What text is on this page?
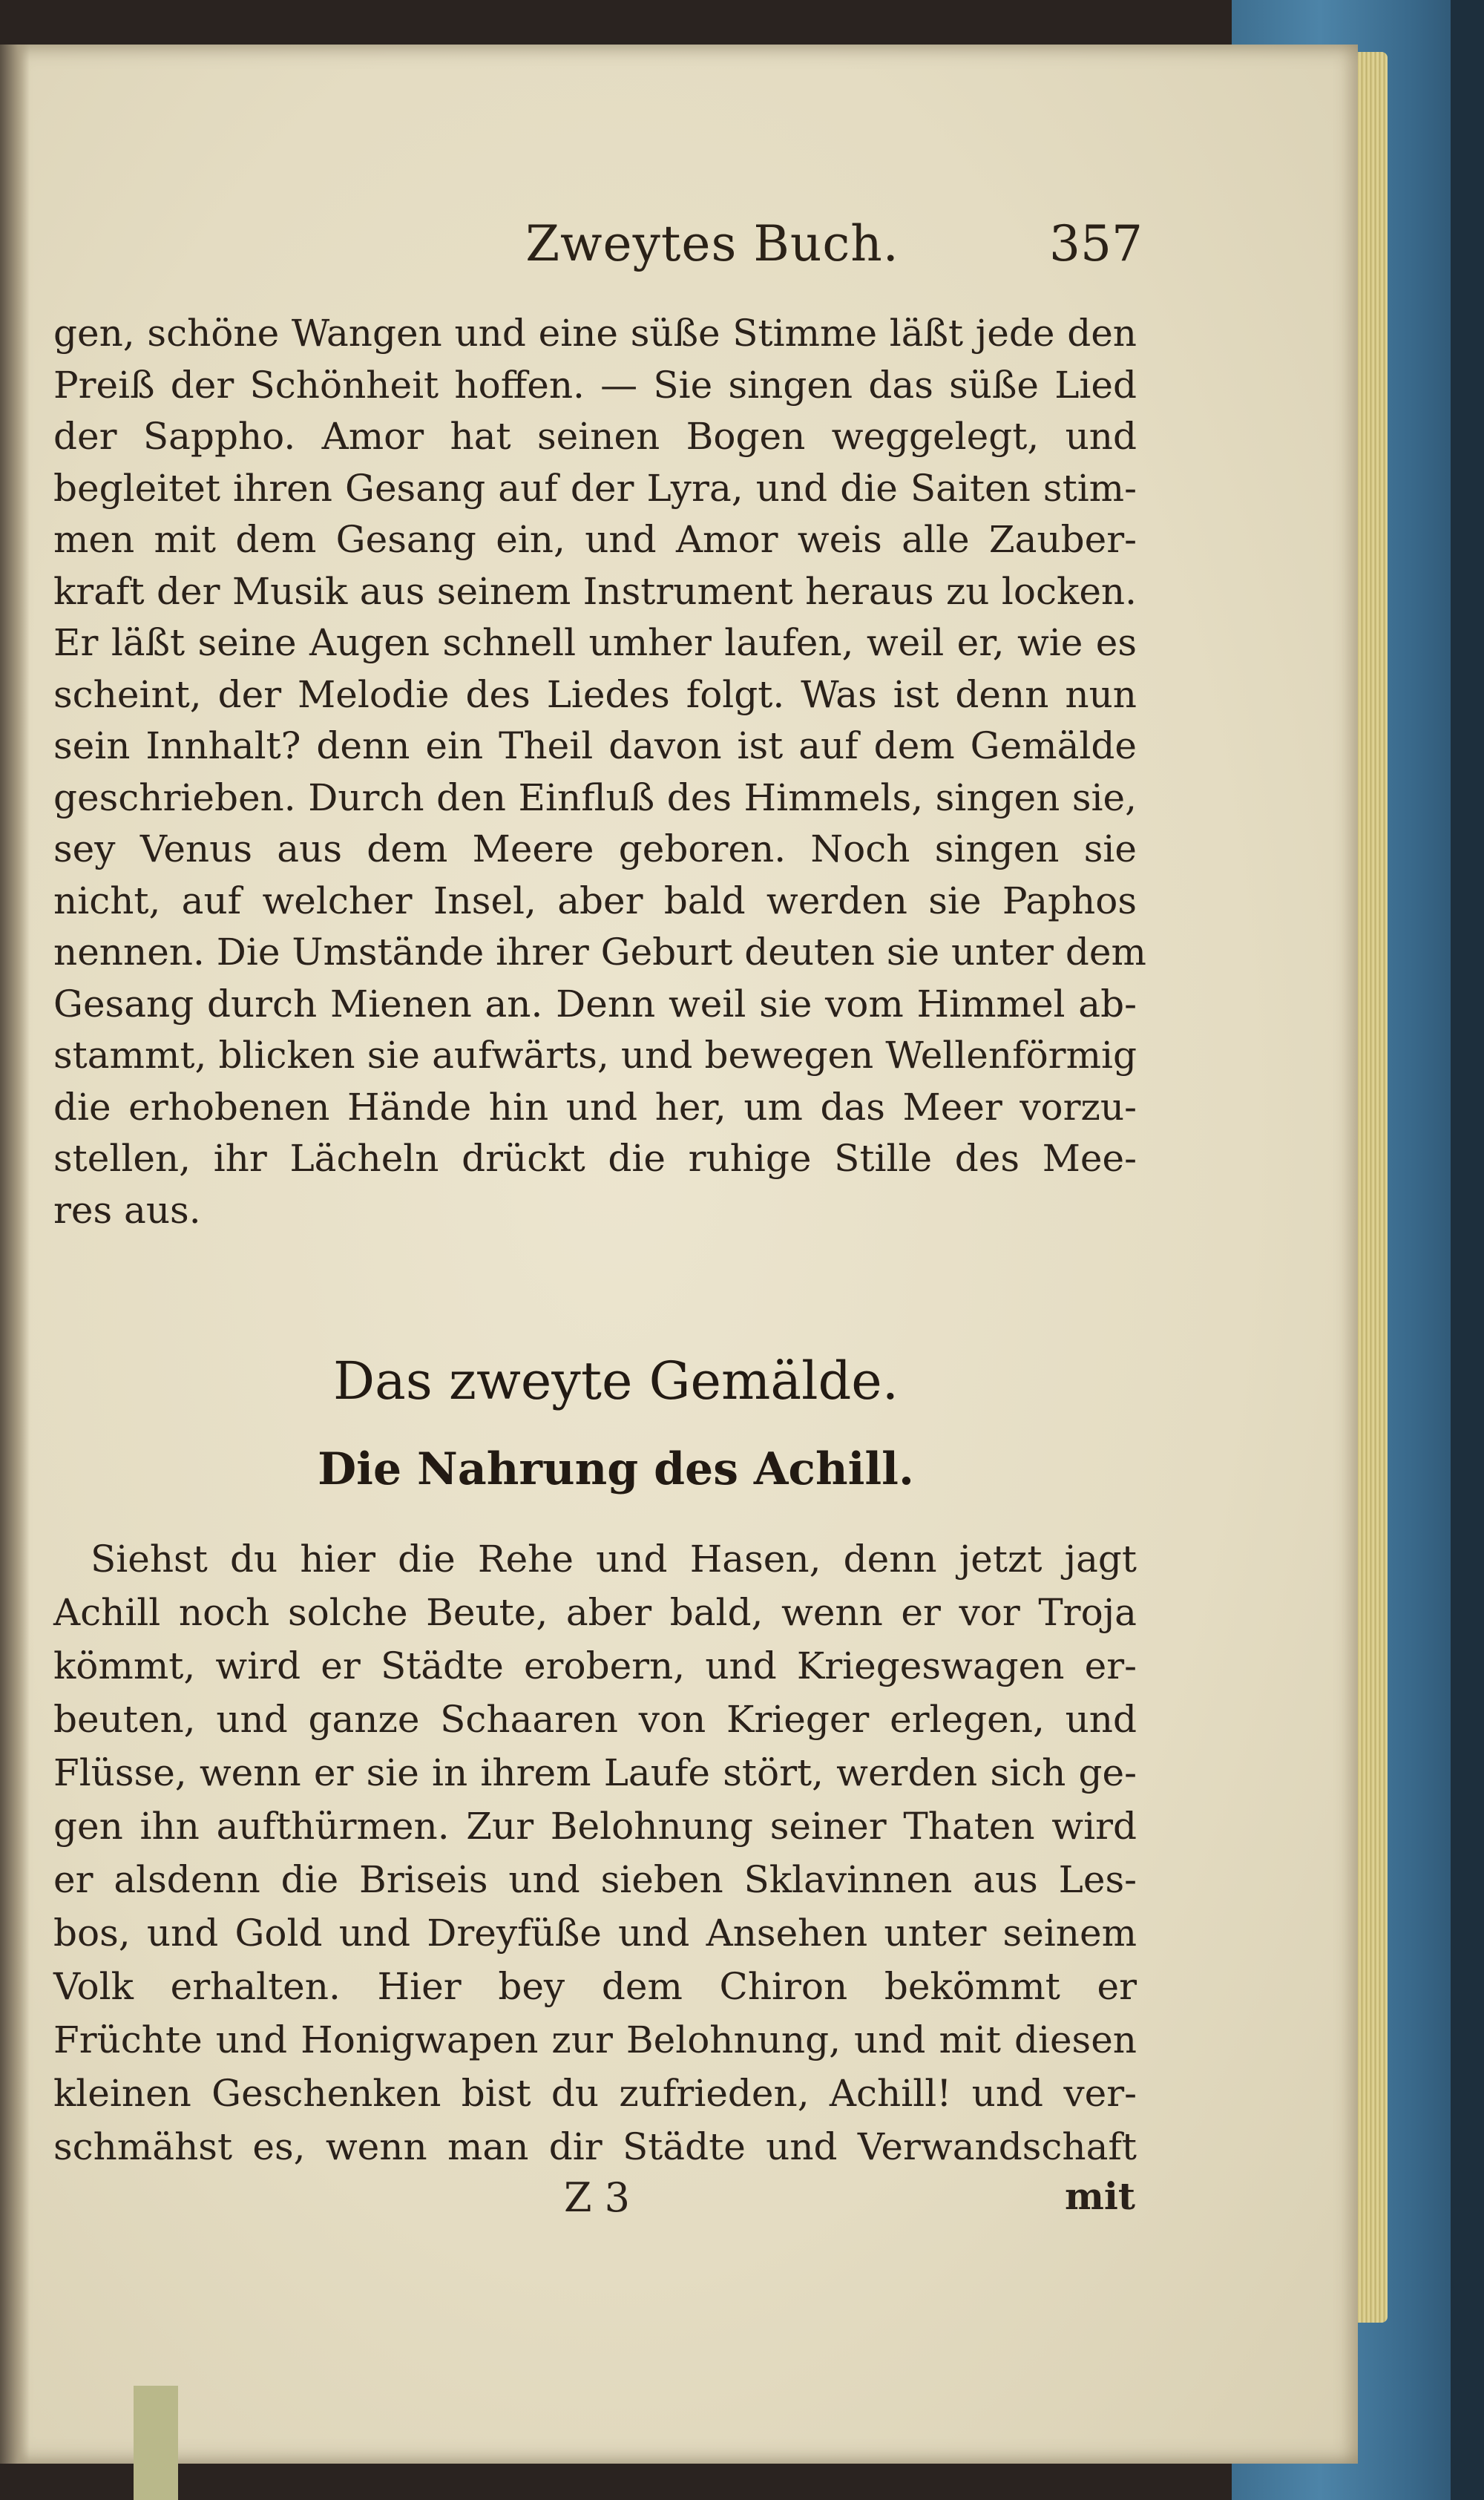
Zweytes Buch.	357
gen, schöne Wangen und eine süße Stimme läßt jede den
Preiß der Schönheit hoffen. — Sie singen das süße Lied
der Sappho. Amor hat seinen Bogen weggelegt, und
begleitet ihren Gesang auf der Lyra, und die Saiten stim-
men mit dem Gesang ein, und Amor weis alle Zauber-
kraft der Musik aus seinem Instrument heraus zu locken.
Er läßt seine Augen schnell umher laufen, weil er, wie es
scheint, der Melodie des Liedes folgt. Was ist denn nun
sein Innhalt? denn ein Theil davon ist auf dem Gemälde
geschrieben. Durch den Einfluß des Himmels, singen sie,
sey Venus aus dem Meere geboren. Noch singen sie
nicht, auf welcher Insel, aber bald werden sie Paphos
nennen. Die Umstände ihrer Geburt deuten sie unter dem
Gesang durch Mienen an. Denn weil sie vom Himmel ab-
stammt, blicken sie aufwärts, und bewegen Wellenförmig
die erhobenen Hände hin und her, um das Meer vorzu-
stellen, ihr Lächeln drückt die ruhige Stille des Mee-
res aus.
Das zweyte Gemälde.
Die Nahrung des Achill.
Siehst du hier die Rehe und Hasen, denn jetzt jagt
Achill noch solche Beute, aber bald, wenn er vor Troja
kömmt, wird er Städte erobern, und Kriegeswagen er-
beuten, und ganze Schaaren von Krieger erlegen, und
Flüsse, wenn er sie in ihrem Laufe stört, werden sich ge-
gen ihn aufthürmen. Zur Belohnung seiner Thaten wird
er alsdenn die Briseis und sieben Sklavinnen aus Les-
bos, und Gold und Dreyfüße und Ansehen unter seinem
Volk erhalten. Hier bey dem Chiron bekömmt er
Früchte und Honigwapen zur Belohnung, und mit diesen
kleinen Geschenken bist du zufrieden, Achill! und ver-
schmähst es, wenn man dir Städte und Verwandschaft
Z 3	mit
